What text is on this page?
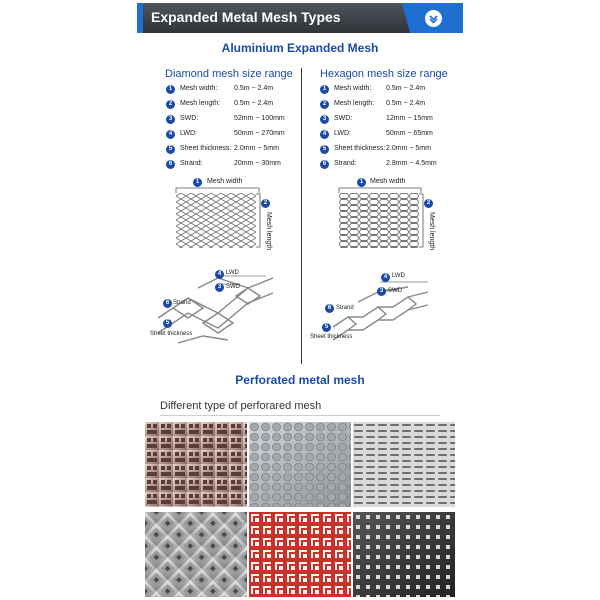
Expanded Metal Mesh Types
Aluminium Expanded Mesh
Diamond mesh size range Hexagon mesh size range
1	Mesh width: 0.5m ~ 2.4m
2	Mesh length: 0.5m ~ 2.4m
3	SWD:	52mm ~ 100mm
4	LWD:	50mm ~ 270mm
5	Sheet thickness: 2.0mm ~ 5mm
6	Strand:	20mm ~ 30mm
1	Mesh width: 0.5m ~ 2.4m
2	Mesh length: 0.5m ~ 2.4m
3	SWD:	12mm ~ 15mm
4	LWD:	50mm ~ 65mm
5	Sheet thickness: 2.0mm ~ 5mm
6	Strand:	2.8mm ~ 4.5mm
1	Mesh width
2
Mesh length
4 LWD
3 SWD
6 Strand
5
Sheet thickness
1 Mesh width
2
Mesh length
4 LWD
3 SWD
6 Strand
5
Sheet thickness
Perforated metal mesh
Different type of perforared mesh
